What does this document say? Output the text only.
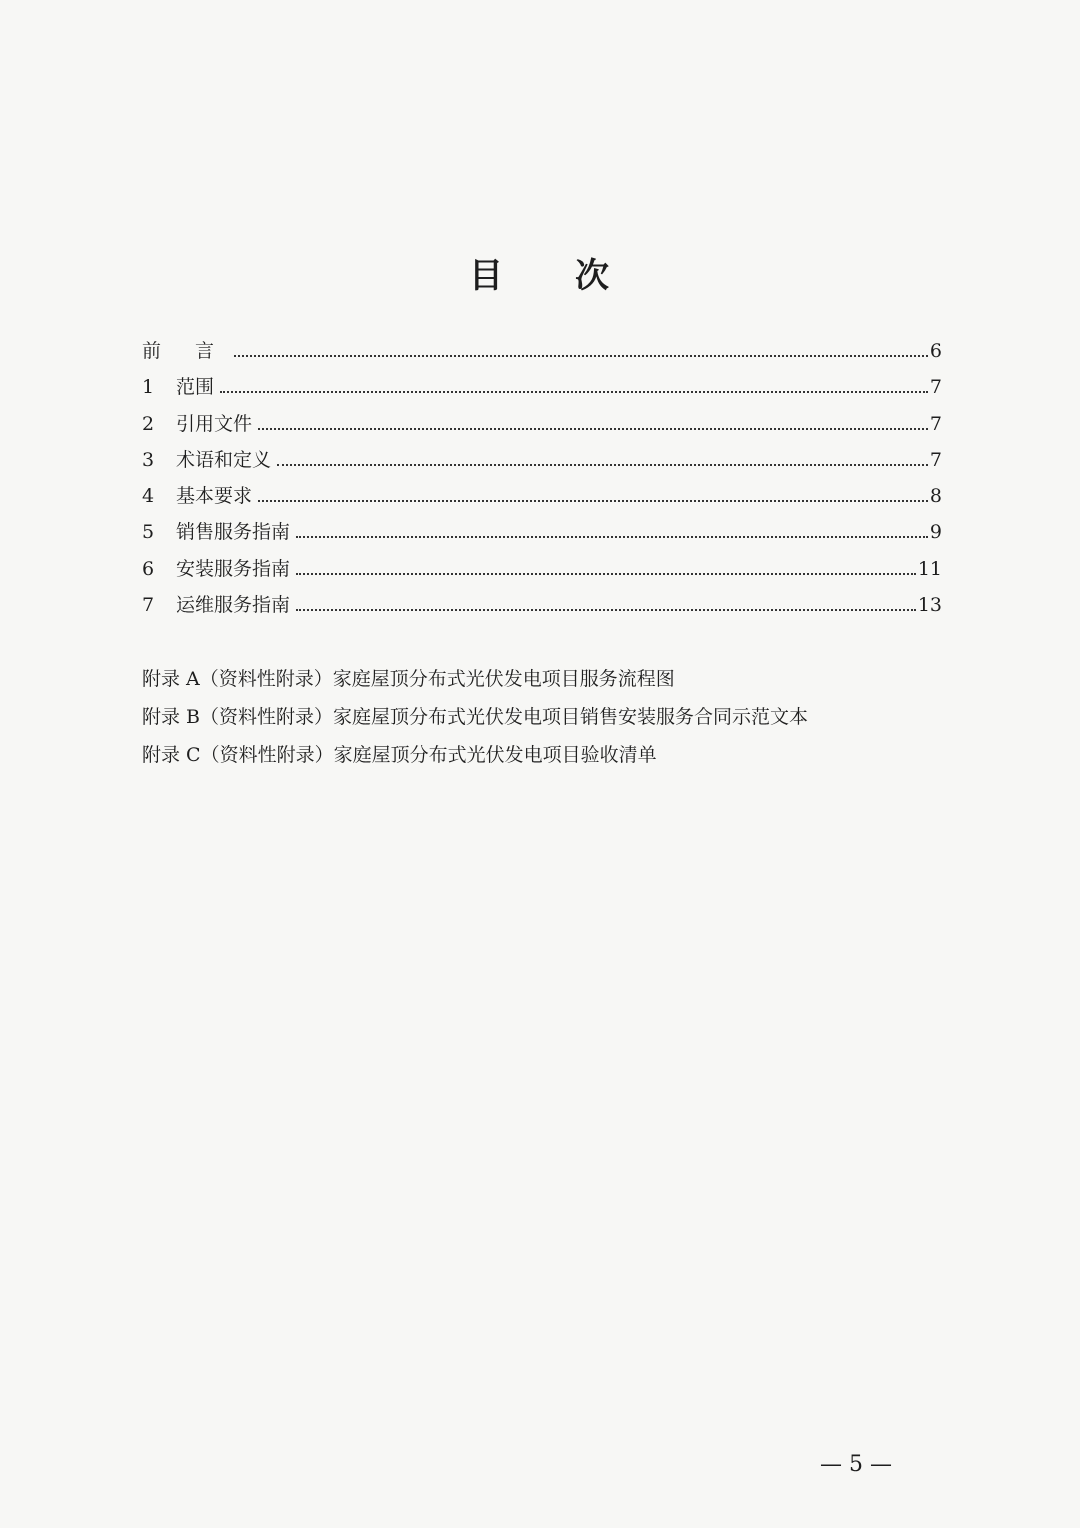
目 次
前 言	6
1	范围	7
2	引用文件	7
3	术语和定义	7
4	基本要求	8
5	销售服务指南	9
6	安装服务指南	11
7	运维服务指南	13
附录 A（资料性附录）家庭屋顶分布式光伏发电项目服务流程图
附录 B（资料性附录）家庭屋顶分布式光伏发电项目销售安装服务合同示范文本
附录 C（资料性附录）家庭屋顶分布式光伏发电项目验收清单
— 5 —
